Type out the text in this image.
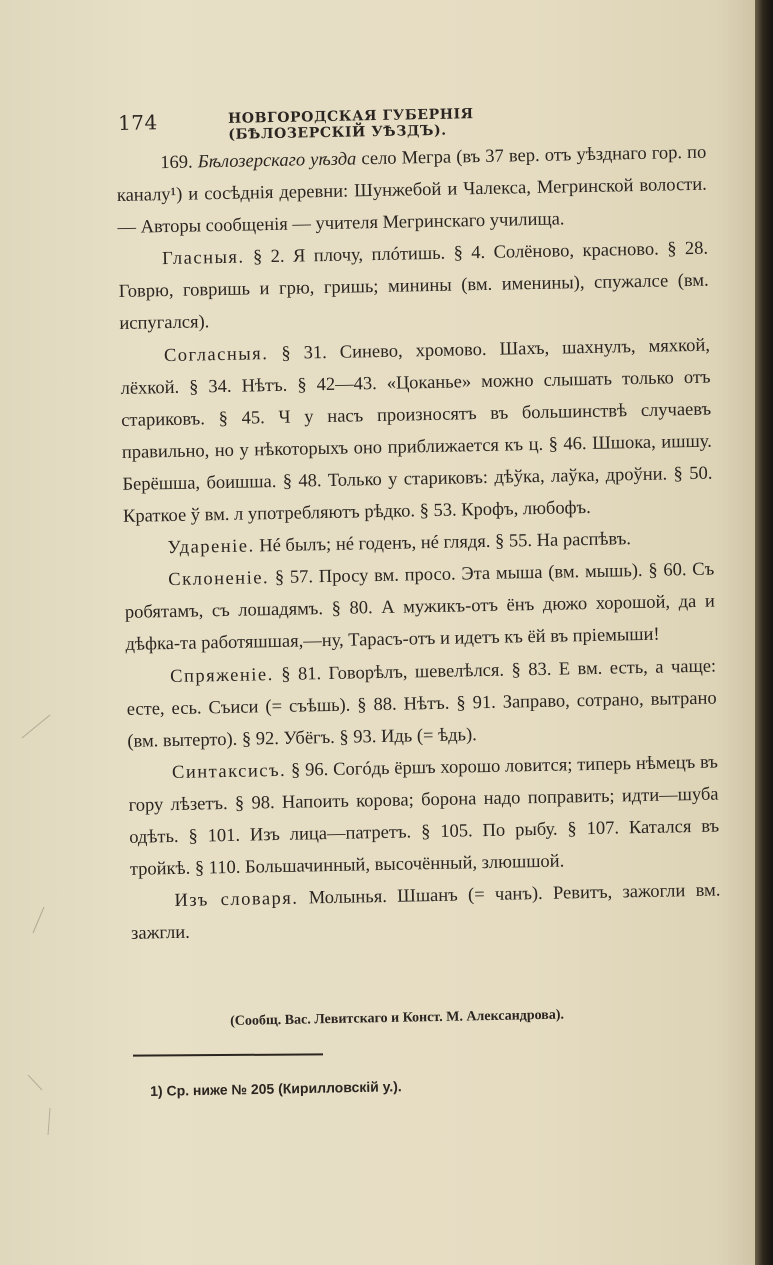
174	НОВГОРОДСКАЯ ГУБЕРНІЯ (БѢЛОЗЕРСКІЙ УѢЗДЪ).

169. Бѣлозерскаго уѣзда село Мегра (въ 37 вер. отъ уѣзднаго гор. по каналу¹) и сосѣднія деревни: Шунжебой и Чалекса, Мегринской волости. — Авторы сообщенія — учителя Мегринскаго училища.

Гласныя. § 2. Я плочу, плóтишь. § 4. Солёново, красново. § 28. Говрю, говришь и грю, гришь; минины (вм. именины), спужалсе (вм. испугался).

Согласныя. § 31. Синево, хромово. Шахъ, шахнулъ, мяхкой, лёхкой. § 34. Нѣтъ. § 42—43. «Цоканье» можно слышать только отъ стариковъ. § 45. Ч у насъ произносятъ въ большинствѣ случаевъ правильно, но у нѣкоторыхъ оно приближается къ ц. § 46. Шшока, ишшу. Берёшша, боишша. § 48. Только у стариковъ: дѣўка, лаўка, дроўни. § 50. Краткое ў вм. л употребляютъ рѣдко. § 53. Крофъ, любофъ.

Удареніе. Нé былъ; нé годенъ, нé глядя. § 55. На распѣвъ.

Склоненіе. § 57. Просу вм. просо. Эта мыша (вм. мышь). § 60. Съ робятамъ, съ лошадямъ. § 80. А мужикъ-отъ ёнъ дюжо хорошой, да и дѣфка-та работяшшая,—ну, Тарасъ-отъ и идетъ къ ёй въ пріемыши!

Спряженіе. § 81. Говорѣлъ, шевелѣлся. § 83. Е вм. есть, а чаще: есте, есь. Съиси (= съѣшь). § 88. Нѣтъ. § 91. Заправо, сотрано, вытрано (вм. вытерто). § 92. Убёгъ. § 93. Идь (= ѣдь).

Синтаксисъ. § 96. Согóдь ёршъ хорошо ловится; типерь нѣмецъ въ гору лѣзетъ. § 98. Напоить корова; борона надо поправить; идти—шуба одѣть. § 101. Изъ лица—патретъ. § 105. По рыбу. § 107. Катался въ тройкѣ. § 110. Большачинный, высочённый, злюшшой.

Изъ словаря. Молынья. Шшанъ (= чанъ). Ревитъ, зажогли вм. зажгли.

(Сообщ. Вас. Левитскаго и Конст. М. Александрова).
1) Ср. ниже № 205 (Кирилловскій у.).
